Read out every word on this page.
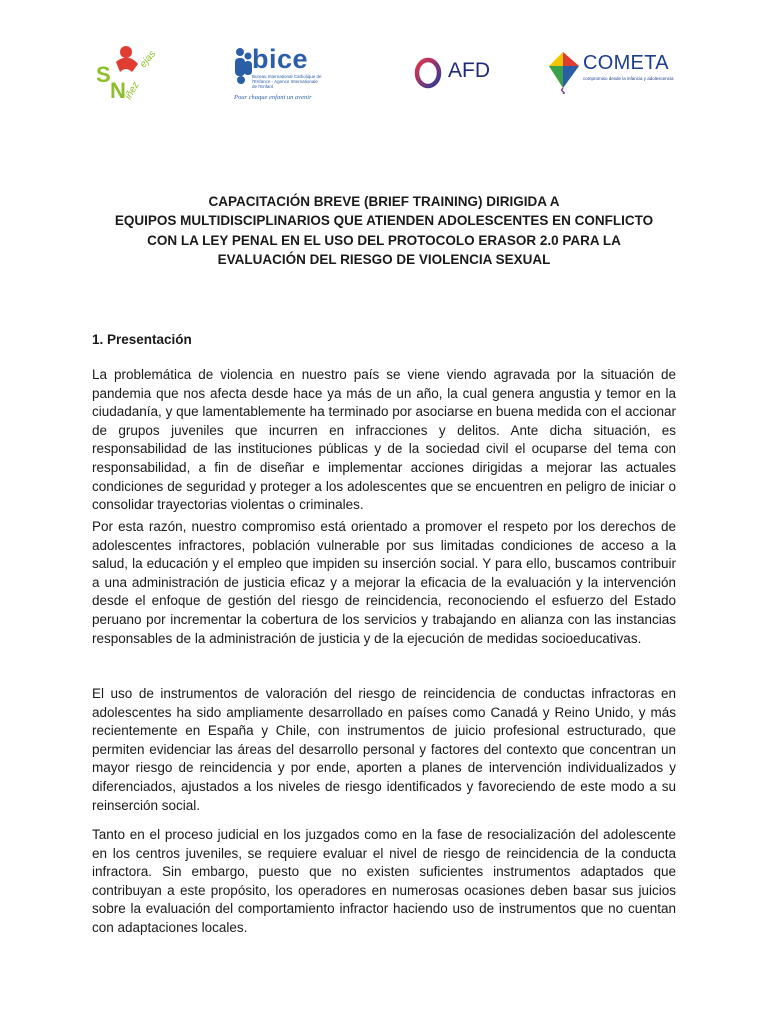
S
N
iñez
ejas	bice
Bureau International Catholique de l'Enfance · Agence Internationale de l'Enfant
Pour chaque enfant un avenir
AFD	COMETA
compromiso desde la infancia y adolescencia
CAPACITACIÓN BREVE (BRIEF TRAINING) DIRIGIDA A
EQUIPOS MULTIDISCIPLINARIOS QUE ATIENDEN ADOLESCENTES EN CONFLICTO
CON LA LEY PENAL EN EL USO DEL PROTOCOLO ERASOR 2.0 PARA LA
EVALUACIÓN DEL RIESGO DE VIOLENCIA SEXUAL
1. Presentación

La problemática de violencia en nuestro país se viene viendo agravada por la situación de pandemia que nos afecta desde hace ya más de un año, la cual genera angustia y temor en la ciudadanía, y que lamentablemente ha terminado por asociarse en buena medida con el accionar de grupos juveniles que incurren en infracciones y delitos. Ante dicha situación, es responsabilidad de las instituciones públicas y de la sociedad civil el ocuparse del tema con responsabilidad, a fin de diseñar e implementar acciones dirigidas a mejorar las actuales condiciones de seguridad y proteger a los adolescentes que se encuentren en peligro de iniciar o consolidar trayectorias violentas o criminales.

Por esta razón, nuestro compromiso está orientado a promover el respeto por los derechos de adolescentes infractores, población vulnerable por sus limitadas condiciones de acceso a la salud, la educación y el empleo que impiden su inserción social. Y para ello, buscamos contribuir a una administración de justicia eficaz y a mejorar la eficacia de la evaluación y la intervención desde el enfoque de gestión del riesgo de reincidencia, reconociendo el esfuerzo del Estado peruano por incrementar la cobertura de los servicios y trabajando en alianza con las instancias responsables de la administración de justicia y de la ejecución de medidas socioeducativas.

El uso de instrumentos de valoración del riesgo de reincidencia de conductas infractoras en adolescentes ha sido ampliamente desarrollado en países como Canadá y Reino Unido, y más recientemente en España y Chile, con instrumentos de juicio profesional estructurado, que permiten evidenciar las áreas del desarrollo personal y factores del contexto que concentran un mayor riesgo de reincidencia y por ende, aporten a planes de intervención individualizados y diferenciados, ajustados a los niveles de riesgo identificados y favoreciendo de este modo a su reinserción social.

Tanto en el proceso judicial en los juzgados como en la fase de resocialización del adolescente en los centros juveniles, se requiere evaluar el nivel de riesgo de reincidencia de la conducta infractora. Sin embargo, puesto que no existen suficientes instrumentos adaptados que contribuyan a este propósito, los operadores en numerosas ocasiones deben basar sus juicios sobre la evaluación del comportamiento infractor haciendo uso de instrumentos que no cuentan con adaptaciones locales.
